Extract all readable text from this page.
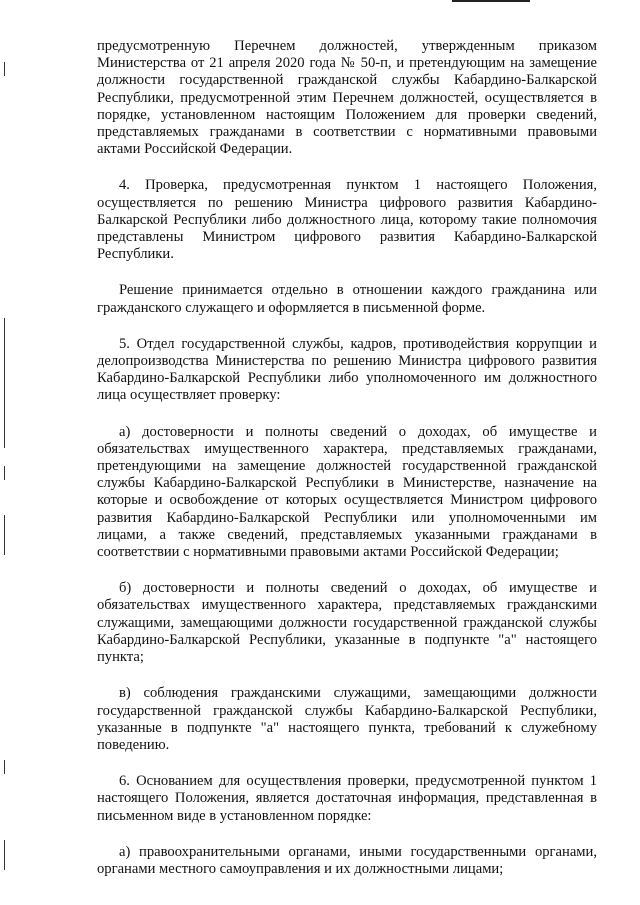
предусмотренную Перечнем должностей, утвержденным приказом Министерства от 21 апреля 2020 года № 50-п, и претендующим на замещение должности государственной гражданской службы Кабардино-Балкарской Республики, предусмотренной этим Перечнем должностей, осуществляется в порядке, установленном настоящим Положением для проверки сведений, представляемых гражданами в соответствии с нормативными правовыми актами Российской Федерации.

4. Проверка, предусмотренная пунктом 1 настоящего Положения, осуществляется по решению Министра цифрового развития Кабардино-Балкарской Республики либо должностного лица, которому такие полномочия представлены Министром цифрового развития Кабардино-Балкарской Республики.

Решение принимается отдельно в отношении каждого гражданина или гражданского служащего и оформляется в письменной форме.

5. Отдел государственной службы, кадров, противодействия коррупции и делопроизводства Министерства по решению Министра цифрового развития Кабардино-Балкарской Республики либо уполномоченного им должностного лица осуществляет проверку:

а) достоверности и полноты сведений о доходах, об имуществе и обязательствах имущественного характера, представляемых гражданами, претендующими на замещение должностей государственной гражданской службы Кабардино-Балкарской Республики в Министерстве, назначение на которые и освобождение от которых осуществляется Министром цифрового развития Кабардино-Балкарской Республики или уполномоченными им лицами, а также сведений, представляемых указанными гражданами в соответствии с нормативными правовыми актами Российской Федерации;

б) достоверности и полноты сведений о доходах, об имуществе и обязательствах имущественного характера, представляемых гражданскими служащими, замещающими должности государственной гражданской службы Кабардино-Балкарской Республики, указанные в подпункте "а" настоящего пункта;

в) соблюдения гражданскими служащими, замещающими должности государственной гражданской службы Кабардино-Балкарской Республики, указанные в подпункте "а" настоящего пункта, требований к служебному поведению.

6. Основанием для осуществления проверки, предусмотренной пунктом 1 настоящего Положения, является достаточная информация, представленная в письменном виде в установленном порядке:

а) правоохранительными органами, иными государственными органами, органами местного самоуправления и их должностными лицами;
